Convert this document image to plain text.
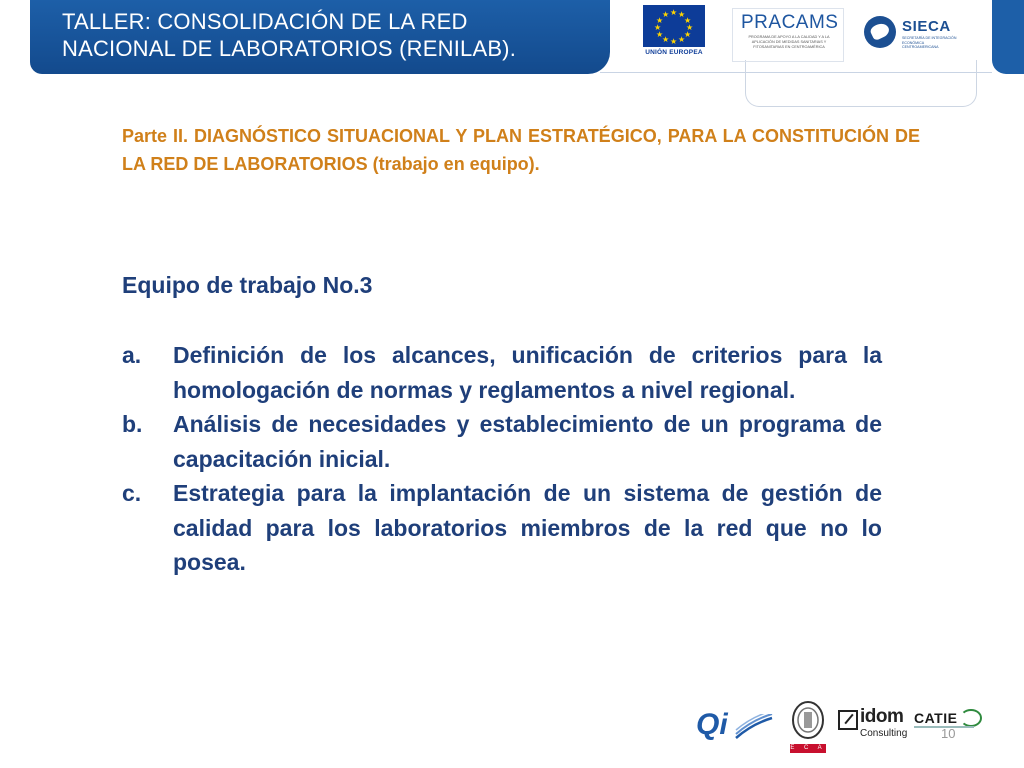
TALLER: CONSOLIDACIÓN DE LA RED
NACIONAL DE LABORATORIOS (RENILAB).
★ ★
★
★
★
★
★
★
★
★
★
★
UNIÓN EUROPEA
PRACAMS
PROGRAMA DE APOYO A LA CALIDAD Y A LA APLICACIÓN DE MEDIDAS SANITARIAS Y FITOSANITARIAS EN CENTROAMÉRICA
SIECA
SECRETARÍA DE INTEGRACIÓN ECONÓMICA CENTROAMERICANA
Parte II. DIAGNÓSTICO SITUACIONAL Y PLAN ESTRATÉGICO, PARA LA CONSTITUCIÓN DE LA RED DE LABORATORIOS (trabajo en equipo).
Equipo de trabajo No.3
a. Definición de los alcances, unificación de criterios para la homologación de normas y reglamentos a nivel regional.
b. Análisis de necesidades y establecimiento de un programa de capacitación inicial.
c. Estrategia para la implantación de un sistema de gestión de calidad para los laboratorios miembros de la red que no lo posea.
Qi
E C A
idom
Consulting
CATIE
10
